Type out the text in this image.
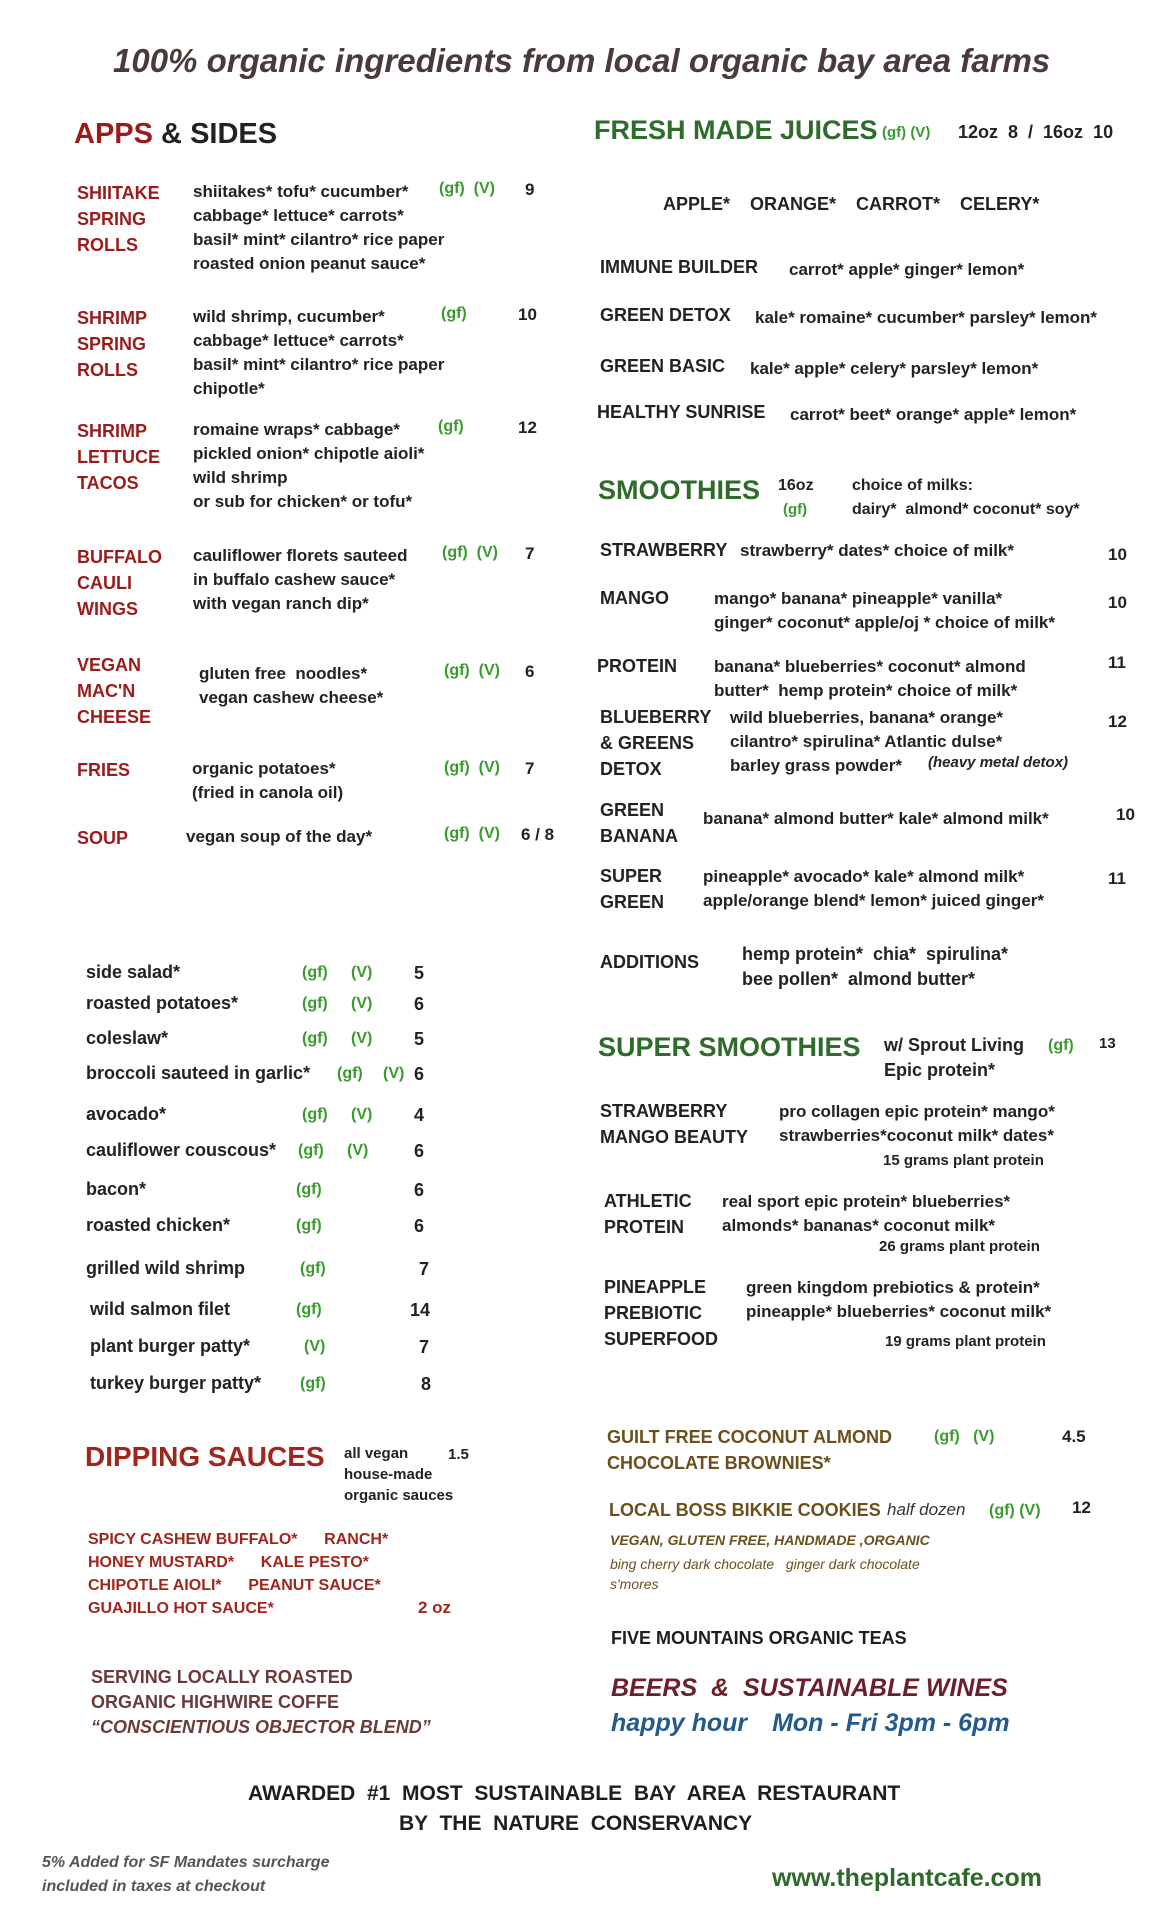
100% organic ingredients from local organic bay area farms
APPS & SIDES
SHIITAKE
SPRING
ROLLS
shiitakes* tofu* cucumber*
cabbage* lettuce* carrots*
basil* mint* cilantro* rice paper
roasted onion peanut sauce*
(gf)  (V) 9
SHRIMP
SPRING
ROLLS
wild shrimp, cucumber*
cabbage* lettuce* carrots*
basil* mint* cilantro* rice paper
chipotle*
(gf)	10
SHRIMP
LETTUCE
TACOS
romaine wraps* cabbage*
pickled onion* chipotle aioli*
wild shrimp
or sub for chicken* or tofu*
(gf)	12
BUFFALO
CAULI
WINGS
cauliflower florets sauteed
in buffalo cashew sauce*
with vegan ranch dip*
(gf)  (V) 7
VEGAN
MAC'N
CHEESE
gluten free  noodles*
vegan cashew cheese*
(gf)  (V) 6
FRIES	organic potatoes*
(fried in canola oil)
(gf)  (V) 7
SOUP	vegan soup of the day*	(gf)  (V) 6 / 8
side salad*	(gf) (V) 5
roasted potatoes*	(gf) (V) 6
coleslaw*	(gf) (V) 5
broccoli sauteed in garlic* (gf) (V) 6
avocado*	(gf) (V) 4
cauliflower couscous* (gf) (V)	6
bacon*	(gf)	6
roasted chicken*	(gf)	6
grilled wild shrimp	(gf)	7
wild salmon filet	(gf)	14
plant burger patty*	(V)	7
turkey burger patty* (gf)	8
DIPPING SAUCES all vegan
house-made
organic sauces
1.5
SPICY CASHEW BUFFALO*      RANCH*
HONEY MUSTARD*      KALE PESTO*
CHIPOTLE AIOLI*      PEANUT SAUCE*
GUAJILLO HOT SAUCE*	2 oz
SERVING LOCALLY ROASTED
ORGANIC HIGHWIRE COFFE
“CONSCIENTIOUS OBJECTOR BLEND”
FRESH MADE JUICES (gf) (V) 12oz  8  /  16oz  10
APPLE*    ORANGE*    CARROT*    CELERY*
IMMUNE BUILDER carrot* apple* ginger* lemon*
GREEN DETOX kale* romaine* cucumber* parsley* lemon*
GREEN BASIC kale* apple* celery* parsley* lemon*
HEALTHY SUNRISE carrot* beet* orange* apple* lemon*
SMOOTHIES 16oz
(gf)
choice of milks:
dairy*  almond* coconut* soy*
STRAWBERRY strawberry* dates* choice of milk*	10
MANGO	mango* banana* pineapple* vanilla*
ginger* coconut* apple/oj * choice of milk*
10
PROTEIN banana* blueberries* coconut* almond
butter*  hemp protein* choice of milk*
11
BLUEBERRY
& GREENS
DETOX
wild blueberries, banana* orange*
cilantro* spirulina* Atlantic dulse*
barley grass powder*	(heavy metal detox)
12
GREEN
BANANA
banana* almond butter* kale* almond milk*	10
SUPER
GREEN
pineapple* avocado* kale* almond milk*
apple/orange blend* lemon* juiced ginger*
11
ADDITIONS hemp protein*  chia*  spirulina*
bee pollen*  almond butter*
SUPER SMOOTHIES w/ Sprout Living
Epic protein*
(gf) 13
STRAWBERRY
MANGO BEAUTY
pro collagen epic protein* mango*
strawberries*coconut milk* dates*
15 grams plant protein
ATHLETIC
PROTEIN
real sport epic protein* blueberries*
almonds* bananas* coconut milk*
26 grams plant protein
PINEAPPLE
PREBIOTIC
SUPERFOOD
green kingdom prebiotics & protein*
pineapple* blueberries* coconut milk*
19 grams plant protein
GUILT FREE COCONUT ALMOND
CHOCOLATE BROWNIES*
(gf)   (V)	4.5
LOCAL BOSS BIKKIE COOKIES half dozen (gf) (V) 12
VEGAN, GLUTEN FREE, HANDMADE ,ORGANIC
bing cherry dark chocolate   ginger dark chocolate
s'mores
FIVE MOUNTAINS ORGANIC TEAS
BEERS  &  SUSTAINABLE WINES
happy hour Mon - Fri 3pm - 6pm
AWARDED  #1  MOST  SUSTAINABLE  BAY  AREA  RESTAURANT
BY  THE  NATURE  CONSERVANCY
5% Added for SF Mandates surcharge
included in taxes at checkout	www.theplantcafe.com
